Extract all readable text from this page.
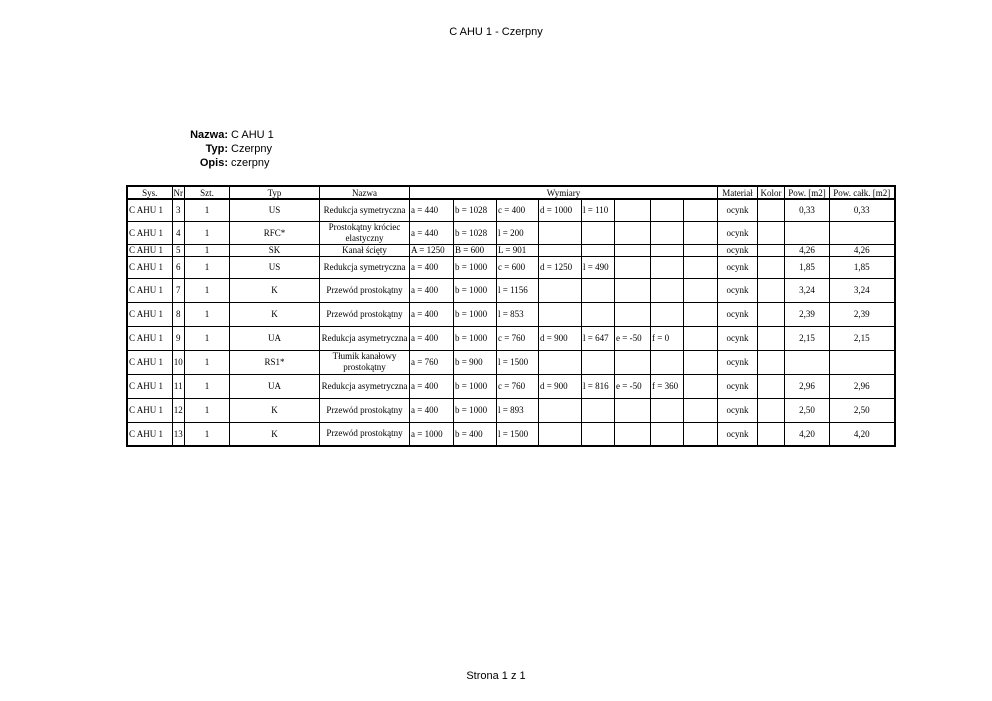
C AHU 1 - Czerpny
Nazwa: C AHU 1
Typ: Czerpny
Opis: czerpny
Sys.	Nr	Szt.	Typ	Nazwa	Wymiary								Materiał	Kolor	Pow. [m2]	Pow. całk. [m2]
C AHU 1	3	1	US	Redukcja symetryczna	a = 440	b = 1028	c = 400	d = 1000	l = 110				ocynk		0,33	0,33
C AHU 1	4	1	RFC*	Prostokątny króciec elastyczny	a = 440	b = 1028	l = 200						ocynk			
C AHU 1	5	1	SK	Kanał ścięty	A = 1250	B = 600	L = 901						ocynk		4,26	4,26
C AHU 1	6	1	US	Redukcja symetryczna	a = 400	b = 1000	c = 600	d = 1250	l = 490				ocynk		1,85	1,85
C AHU 1	7	1	K	Przewód prostokątny	a = 400	b = 1000	l = 1156						ocynk		3,24	3,24
C AHU 1	8	1	K	Przewód prostokątny	a = 400	b = 1000	l = 853						ocynk		2,39	2,39
C AHU 1	9	1	UA	Redukcja asymetryczna	a = 400	b = 1000	c = 760	d = 900	l = 647	e = -50	f = 0		ocynk		2,15	2,15
C AHU 1	10	1	RS1*	Tłumik kanałowy prostokątny	a = 760	b = 900	l = 1500						ocynk			
C AHU 1	11	1	UA	Redukcja asymetryczna	a = 400	b = 1000	c = 760	d = 900	l = 816	e = -50	f = 360		ocynk		2,96	2,96
C AHU 1	12	1	K	Przewód prostokątny	a = 400	b = 1000	l = 893						ocynk		2,50	2,50
C AHU 1	13	1	K	Przewód prostokątny	a = 1000	b = 400	l = 1500						ocynk		4,20	4,20
Strona 1 z 1
